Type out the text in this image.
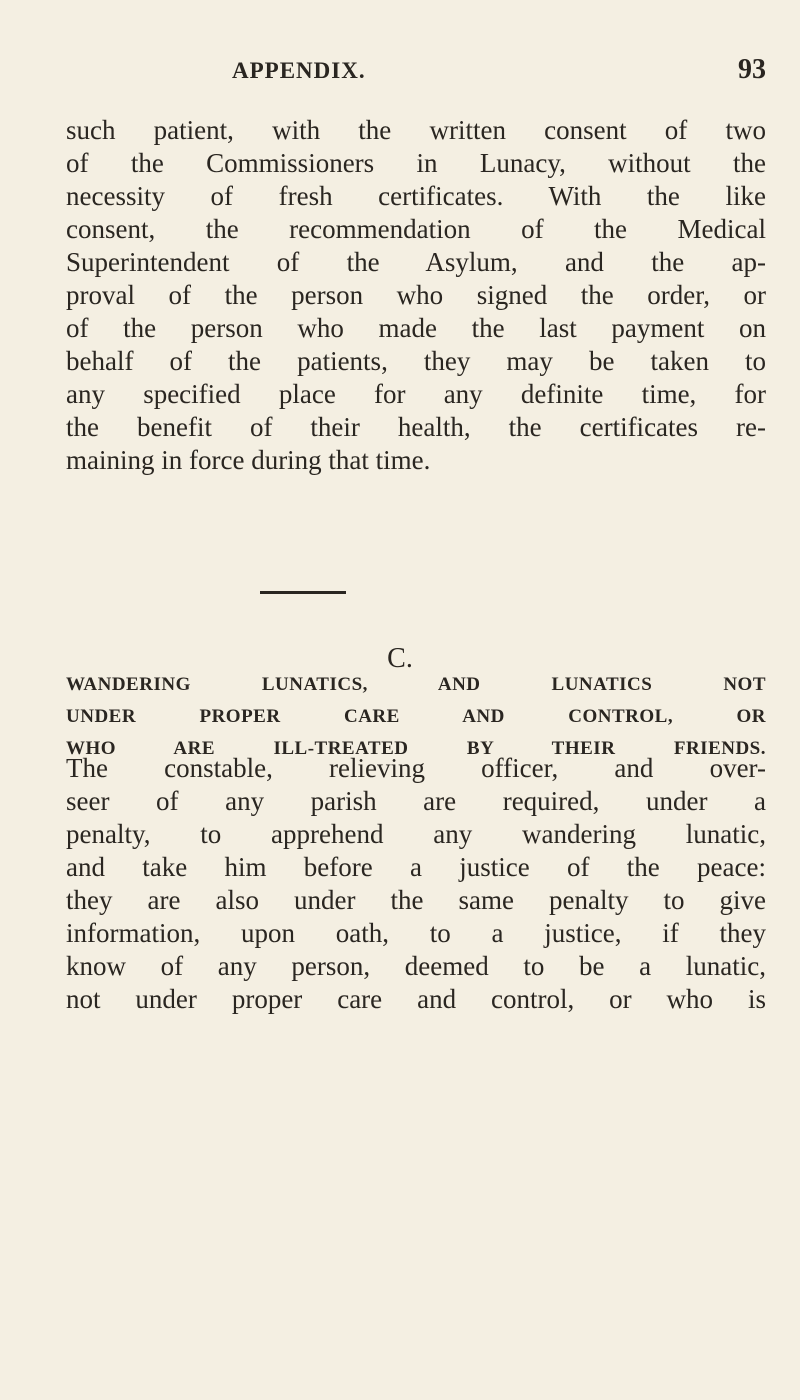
APPENDIX.	93
such patient, with the written consent of two
of the Commissioners in Lunacy, without the
necessity of fresh certificates. With the like
consent, the recommendation of the Medical
Superintendent of the Asylum, and the ap-
proval of the person who signed the order, or
of the person who made the last payment on
behalf of the patients, they may be taken to
any specified place for any definite time, for
the benefit of their health, the certificates re-
maining in force during that time.
C.
WANDERING LUNATICS, AND LUNATICS NOT
UNDER PROPER CARE AND CONTROL, OR
WHO ARE ILL-TREATED BY THEIR FRIENDS.
The constable, relieving officer, and over-
seer of any parish are required, under a
penalty, to apprehend any wandering lunatic,
and take him before a justice of the peace:
they are also under the same penalty to give
information, upon oath, to a justice, if they
know of any person, deemed to be a lunatic,
not under proper care and control, or who is
